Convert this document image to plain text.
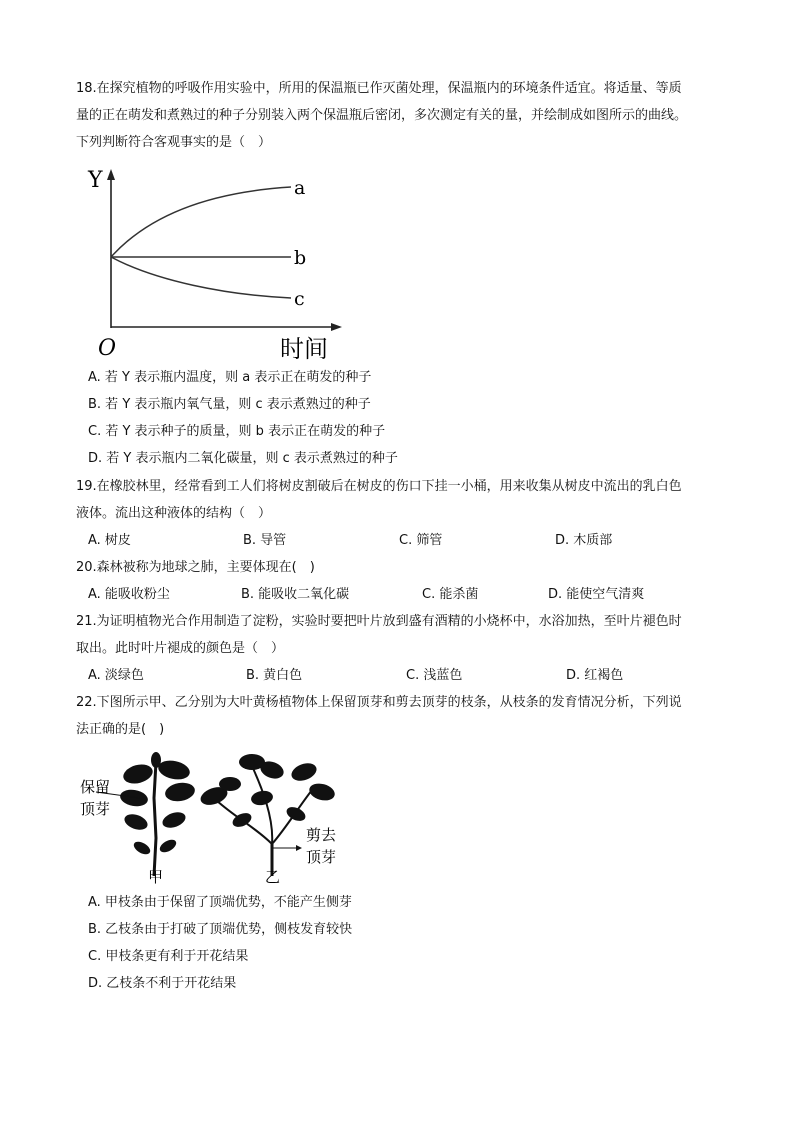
18.在探究植物的呼吸作用实验中，所用的保温瓶已作灭菌处理，保温瓶内的环境条件适宜。将适量、等质
量的正在萌发和煮熟过的种子分别装入两个保温瓶后密闭，多次测定有关的量，并绘制成如图所示的曲线。
下列判断符合客观事实的是（　）
Y
O	时间
a
b
c
A. 若 Y 表示瓶内温度，则 a 表示正在萌发的种子
B. 若 Y 表示瓶内氧气量，则 c 表示煮熟过的种子
C. 若 Y 表示种子的质量，则 b 表示正在萌发的种子
D. 若 Y 表示瓶内二氧化碳量，则 c 表示煮熟过的种子
19.在橡胶林里，经常看到工人们将树皮割破后在树皮的伤口下挂一小桶，用来收集从树皮中流出的乳白色
液体。流出这种液体的结构（　）
A. 树皮	B. 导管	C. 筛管	D. 木质部
20.森林被称为地球之肺，主要体现在(　)
A. 能吸收粉尘	B. 能吸收二氧化碳	C. 能杀菌	D. 能使空气清爽
21.为证明植物光合作用制造了淀粉，实验时要把叶片放到盛有酒精的小烧杯中，水浴加热，至叶片褪色时
取出。此时叶片褪成的颜色是（　）
A. 淡绿色	B. 黄白色	C. 浅蓝色	D. 红褐色
22.下图所示甲、乙分别为大叶黄杨植物体上保留顶芽和剪去顶芽的枝条，从枝条的发育情况分析，下列说
法正确的是(　)
保留
顶芽
剪去
顶芽
甲	乙
A. 甲枝条由于保留了顶端优势，不能产生侧芽
B. 乙枝条由于打破了顶端优势，侧枝发育较快
C. 甲枝条更有利于开花结果
D. 乙枝条不利于开花结果
